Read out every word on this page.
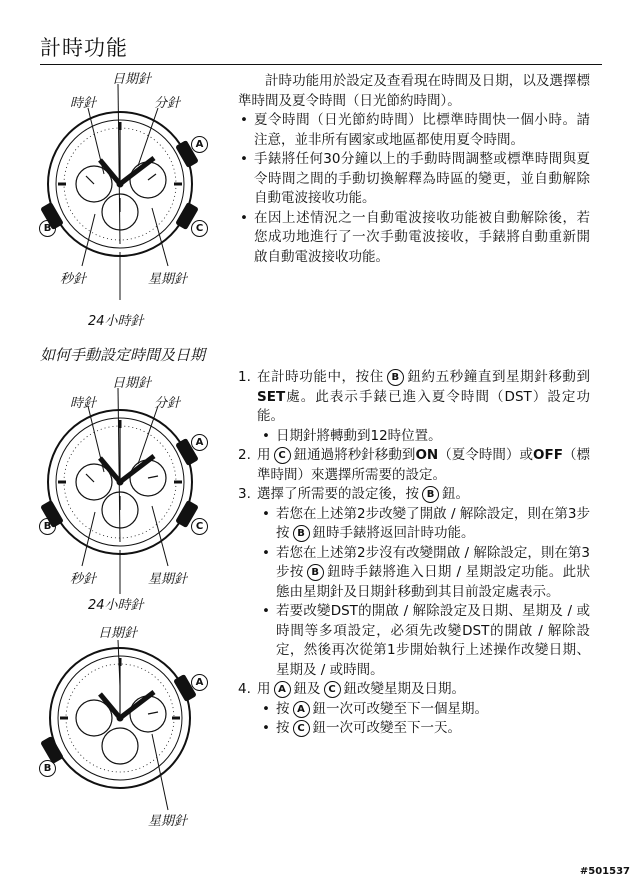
計時功能
日期針
時針	分針
秒針	星期針
24小時針
A
B	C

計時功能用於設定及查看現在時間及日期，以及選擇標準時間及夏令時間（日光節約時間）。

• 夏令時間（日光節約時間）比標準時間快一個小時。請注意，並非所有國家或地區都使用夏令時間。

• 手錶將任何30分鐘以上的手動時間調整或標準時間與夏令時間之間的手動切換解釋為時區的變更，並自動解除自動電波接收功能。

• 在因上述情況之一自動電波接收功能被自動解除後，若您成功地進行了一次手動電波接收，手錶將自動重新開啟自動電波接收功能。

如何手動設定時間及日期
日期針
時針	分針
秒針	星期針
24小時針
A
B	C
日期針
星期針
A
B

1. 在計時功能中，按住 B 鈕約五秒鐘直到星期針移動到SET處。此表示手錶已進入夏令時間（DST）設定功能。

• 日期針將轉動到12時位置。

2. 用 C 鈕通過將秒針移動到ON（夏令時間）或OFF（標準時間）來選擇所需要的設定。

3. 選擇了所需要的設定後，按 B 鈕。

• 若您在上述第2步改變了開啟 / 解除設定，則在第3步按 B 鈕時手錶將返回計時功能。

• 若您在上述第2步沒有改變開啟 / 解除設定，則在第3步按 B 鈕時手錶將進入日期 / 星期設定功能。此狀態由星期針及日期針移動到其目前設定處表示。

• 若要改變DST的開啟 / 解除設定及日期、星期及 / 或時間等多項設定，必須先改變DST的開啟 / 解除設定，然後再次從第1步開始執行上述操作改變日期、星期及 / 或時間。

4. 用 A 鈕及 C 鈕改變星期及日期。

• 按 A 鈕一次可改變至下一個星期。

• 按 C 鈕一次可改變至下一天。

#501537
